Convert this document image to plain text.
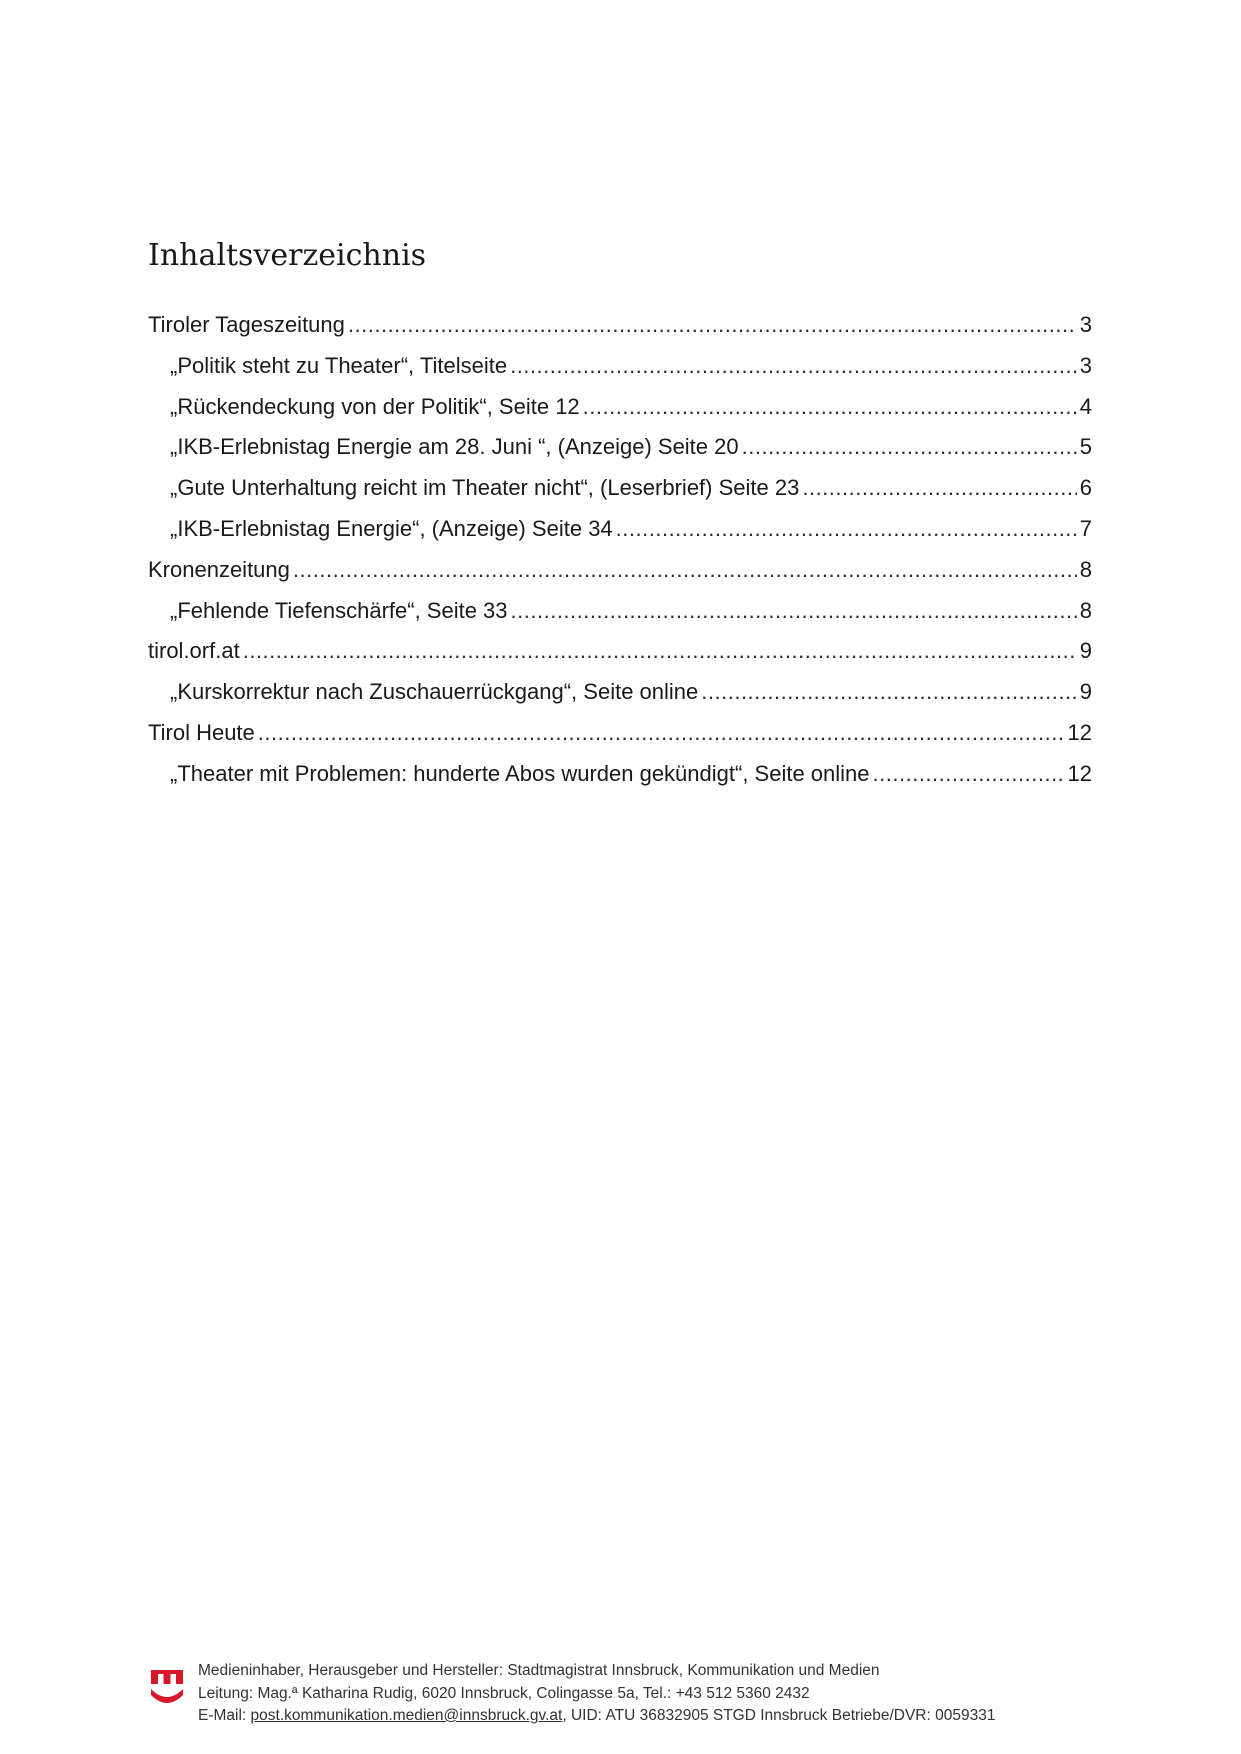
Inhaltsverzeichnis
Tiroler Tageszeitung .....	3
„Politik steht zu Theater“, Titelseite .....	3
„Rückendeckung von der Politik“, Seite 12 .....	4
„IKB-Erlebnistag Energie am 28. Juni “, (Anzeige) Seite 20 .....	5
„Gute Unterhaltung reicht im Theater nicht“, (Leserbrief) Seite 23 .....	6
„IKB-Erlebnistag Energie“, (Anzeige) Seite 34 .....	7
Kronenzeitung .....	8
„Fehlende Tiefenschärfe“, Seite 33 .....	8
tirol.orf.at .....	9
„Kurskorrektur nach Zuschauerrückgang“, Seite online .....	9
Tirol Heute .....	12
„Theater mit Problemen: hunderte Abos wurden gekündigt“, Seite online .....	12
Medieninhaber, Herausgeber und Hersteller: Stadtmagistrat Innsbruck, Kommunikation und Medien
Leitung: Mag.ª Katharina Rudig, 6020 Innsbruck, Colingasse 5a, Tel.: +43 512 5360 2432
E-Mail: post.kommunikation.medien@innsbruck.gv.at, UID: ATU 36832905 STGD Innsbruck Betriebe/DVR: 0059331
